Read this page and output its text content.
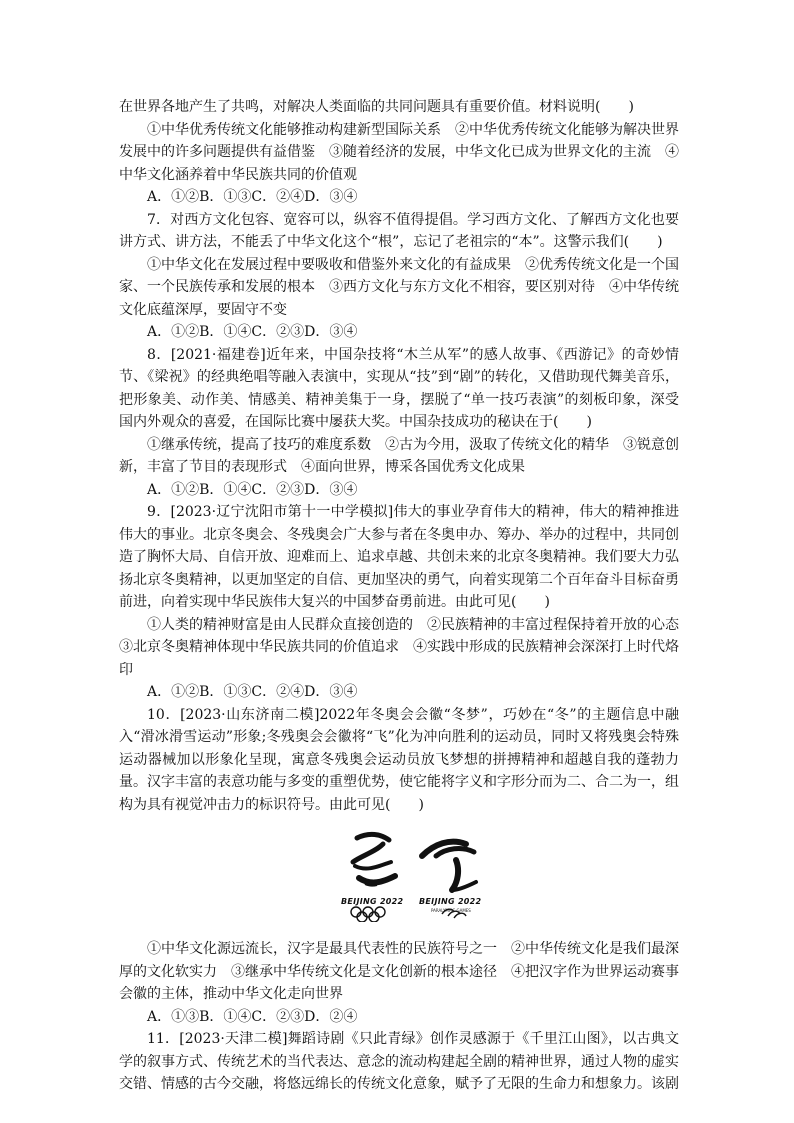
在世界各地产生了共鸣，对解决人类面临的共同问题具有重要价值。材料说明(　　)

①中华优秀传统文化能够推动构建新型国际关系　②中华优秀传统文化能够为解决世界发展中的许多问题提供有益借鉴　③随着经济的发展，中华文化已成为世界文化的主流　④中华文化涵养着中华民族共同的价值观

A．①②B．①③C．②④D．③④

7．对西方文化包容、宽容可以，纵容不值得提倡。学习西方文化、了解西方文化也要讲方式、讲方法，不能丢了中华文化这个“根”，忘记了老祖宗的“本”。这警示我们(　　)

①中华文化在发展过程中要吸收和借鉴外来文化的有益成果　②优秀传统文化是一个国家、一个民族传承和发展的根本　③西方文化与东方文化不相容，要区别对待　④中华传统文化底蕴深厚，要固守不变

A．①②B．①④C．②③D．③④

8．[2021·福建卷]近年来，中国杂技将“木兰从军”的感人故事、《西游记》的奇妙情节、《梁祝》的经典绝唱等融入表演中，实现从“技”到“剧”的转化，又借助现代舞美音乐，把形象美、动作美、情感美、精神美集于一身，摆脱了“单一技巧表演”的刻板印象，深受国内外观众的喜爱，在国际比赛中屡获大奖。中国杂技成功的秘诀在于(　　)

①继承传统，提高了技巧的难度系数　②古为今用，汲取了传统文化的精华　③锐意创新，丰富了节目的表现形式　④面向世界，博采各国优秀文化成果

A．①②B．①④C．②③D．③④

9．[2023·辽宁沈阳市第十一中学模拟]伟大的事业孕育伟大的精神，伟大的精神推进伟大的事业。北京冬奥会、冬残奥会广大参与者在冬奥申办、筹办、举办的过程中，共同创造了胸怀大局、自信开放、迎难而上、追求卓越、共创未来的北京冬奥精神。我们要大力弘扬北京冬奥精神，以更加坚定的自信、更加坚决的勇气，向着实现第二个百年奋斗目标奋勇前进，向着实现中华民族伟大复兴的中国梦奋勇前进。由此可见(　　)

①人类的精神财富是由人民群众直接创造的　②民族精神的丰富过程保持着开放的心态　③北京冬奥精神体现中华民族共同的价值追求　④实践中形成的民族精神会深深打上时代烙印

A．①②B．①③C．②④D．③④

10．[2023·山东济南二模]2022年冬奥会会徽“冬梦”，巧妙在“冬”的主题信息中融入“滑冰滑雪运动”形象;冬残奥会会徽将“飞”化为冲向胜利的运动员，同时又将残奥会特殊运动器械加以形象化呈现，寓意冬残奥会运动员放飞梦想的拼搏精神和超越自我的蓬勃力量。汉字丰富的表意功能与多变的重塑优势，使它能将字义和字形分而为二、合二为一，组构为具有视觉冲击力的标识符号。由此可见(　　)

BEIJING 2022 BEIJING 2022
PARALYMPIC GAMES

①中华文化源远流长，汉字是最具代表性的民族符号之一　②中华传统文化是我们最深厚的文化软实力　③继承中华传统文化是文化创新的根本途径　④把汉字作为世界运动赛事会徽的主体，推动中华文化走向世界

A．①③B．①④C．②③D．②④

11．[2023·天津二模]舞蹈诗剧《只此青绿》创作灵感源于《千里江山图》，以古典文学的叙事方式、传统艺术的当代表达、意念的流动构建起全剧的精神世界，通过人物的虚实交错、情感的古今交融，将悠远绵长的传统文化意象，赋予了无限的生命力和想象力。该剧
